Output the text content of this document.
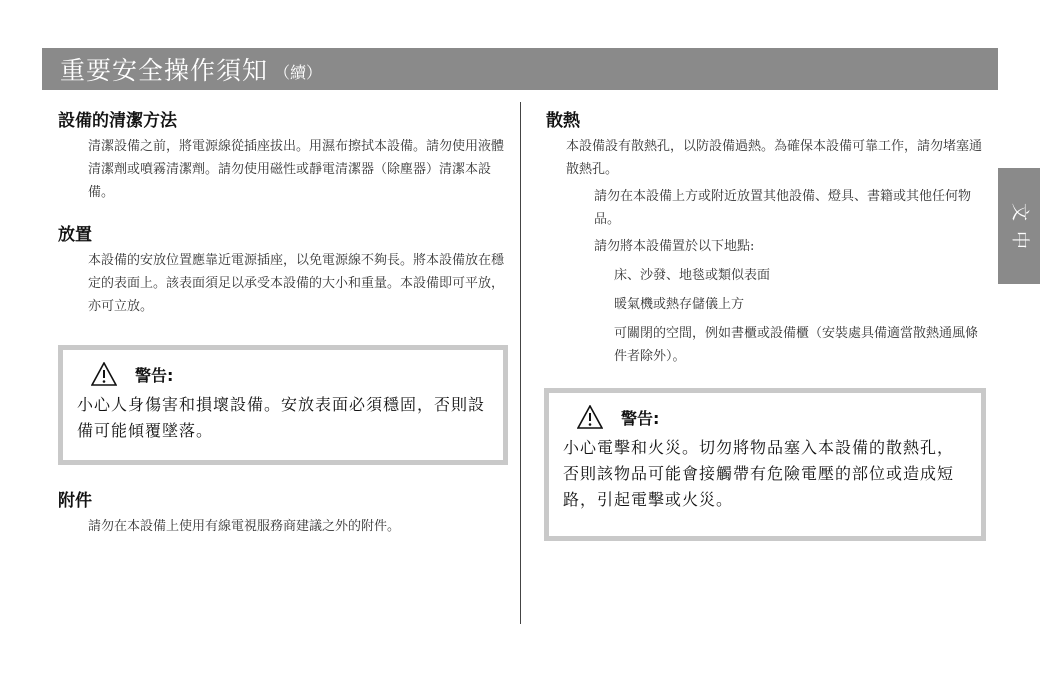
重要安全操作須知 （續）
設備的清潔方法
清潔設備之前，將電源線從插座拔出。用濕布擦拭本設備。請勿使用液體清潔劑或噴霧清潔劑。請勿使用磁性或靜電清潔器（除塵器）清潔本設備。
放置
本設備的安放位置應靠近電源插座，以免電源線不夠長。將本設備放在穩定的表面上。該表面須足以承受本設備的大小和重量。本設備即可平放，亦可立放。
警告:
小心人身傷害和損壞設備。安放表面必須穩固，否則設備可能傾覆墜落。
附件
請勿在本設備上使用有線電視服務商建議之外的附件。
散熱
本設備設有散熱孔，以防設備過熱。為確保本設備可靠工作，請勿堵塞通散熱孔。
請勿在本設備上方或附近放置其他設備、燈具、書籍或其他任何物品。
請勿將本設備置於以下地點:
床、沙發、地毯或類似表面
暖氣機或熱存儲儀上方
可關閉的空間，例如書櫃或設備櫃（安裝處具備適當散熱通風條件者除外）。
警告:
小心電擊和火災。切勿將物品塞入本設備的散熱孔，否則該物品可能會接觸帶有危險電壓的部位或造成短路，引起電擊或火災。
文
中
